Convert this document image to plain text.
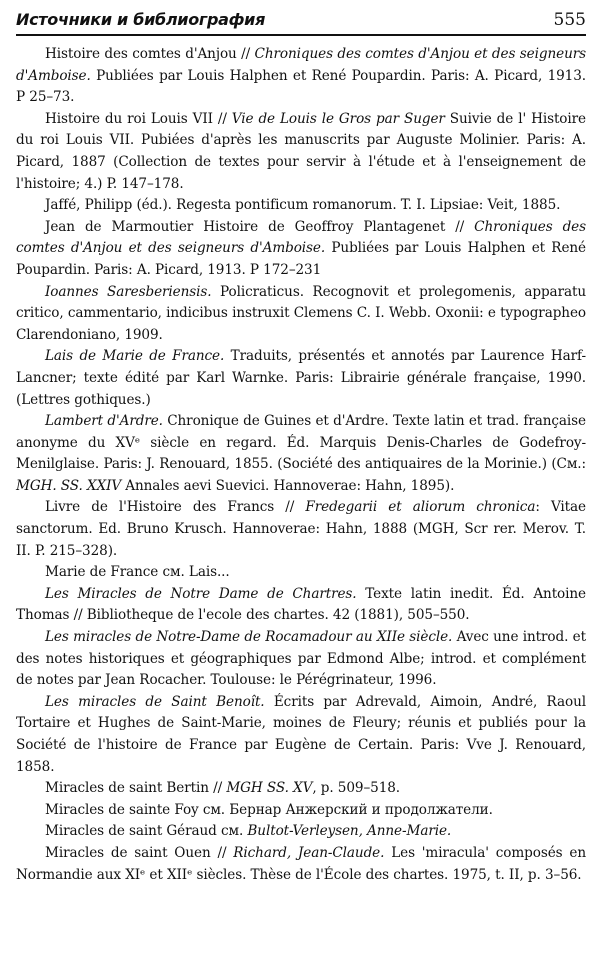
Источники и библиография	555

Histoire des comtes d'Anjou // Chroniques des comtes d'Anjou et des seigneurs d'Amboise. Publiées par Louis Halphen et René Poupardin. Paris: A. Picard, 1913. P 25–73.

Histoire du roi Louis VII // Vie de Louis le Gros par Suger Suivie de l' Histoire du roi Louis VII. Pubiées d'après les manuscrits par Auguste Molinier. Paris: A. Picard, 1887 (Collection de textes pour servir à l'étude et à l'enseignement de l'histoire; 4.) P. 147–178.

Jaffé, Philipp (éd.). Regesta pontificum romanorum. T. I. Lipsiae: Veit, 1885.

Jean de Marmoutier Histoire de Geoffroy Plantagenet // Chroniques des comtes d'Anjou et des seigneurs d'Amboise. Publiées par Louis Halphen et René Poupardin. Paris: A. Picard, 1913. P 172–231

Ioannes Saresberiensis. Policraticus. Recognovit et prolegomenis, apparatu critico, cammentario, indicibus instruxit Clemens C. I. Webb. Oxonii: e typographeo Clarendoniano, 1909.

Lais de Marie de France. Traduits, présentés et annotés par Laurence Harf-Lancner; texte édité par Karl Warnke. Paris: Librairie générale française, 1990. (Lettres gothiques.)

Lambert d'Ardre. Chronique de Guines et d'Ardre. Texte latin et trad. française anonyme du XVᵉ siècle en regard. Éd. Marquis Denis-Charles de Godefroy-Menilglaise. Paris: J. Renouard, 1855. (Société des antiquaires de la Morinie.) (См.: MGH. SS. XXIV Annales aevi Suevici. Hannoverae: Hahn, 1895).

Livre de l'Histoire des Francs // Fredegarii et aliorum chronica: Vitae sanctorum. Ed. Bruno Krusch. Hannoverae: Hahn, 1888 (MGH, Scr rer. Merov. T. II. P. 215–328).

Marie de France см. Lais...

Les Miracles de Notre Dame de Chartres. Texte latin inedit. Éd. Antoine Thomas // Bibliotheque de l'ecole des chartes. 42 (1881), 505–550.

Les miracles de Notre-Dame de Rocamadour au XIIe siècle. Avec une introd. et des notes historiques et géographiques par Edmond Albe; introd. et complément de notes par Jean Rocacher. Toulouse: le Pérégrinateur, 1996.

Les miracles de Saint Benoît. Écrits par Adrevald, Aimoin, André, Raoul Tortaire et Hughes de Saint-Marie, moines de Fleury; réunis et publiés pour la Société de l'histoire de France par Eugène de Certain. Paris: Vve J. Renouard, 1858.

Miracles de saint Bertin // MGH SS. XV, p. 509–518.

Miracles de sainte Foy см. Бернар Анжерский и продолжатели.

Miracles de saint Géraud см. Bultot-Verleysen, Anne-Marie.

Miracles de saint Ouen // Richard, Jean-Claude. Les 'miracula' composés en Normandie aux XIᵉ et XIIᵉ siècles. Thèse de l'École des chartes. 1975, t. II, p. 3–56.
